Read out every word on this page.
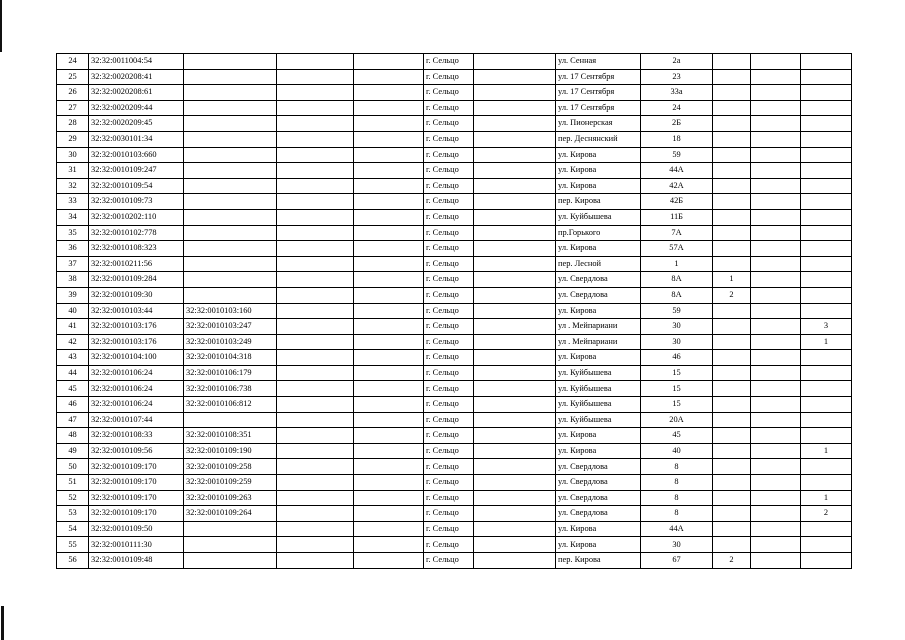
24	32:32:0011004:54				г. Сельцо		ул. Сенная	2а			
25	32:32:0020208:41				г. Сельцо		ул. 17 Сентября	23			
26	32:32:0020208:61				г. Сельцо		ул. 17 Сентября	33а			
27	32:32:0020209:44				г. Сельцо		ул. 17 Сентября	24			
28	32:32:0020209:45				г. Сельцо		ул. Пионерская	2Б			
29	32:32:0030101:34				г. Сельцо		пер. Деснянский	18			
30	32:32:0010103:660				г. Сельцо		ул. Кирова	59			
31	32:32:0010109:247				г. Сельцо		ул. Кирова	44А			
32	32:32:0010109:54				г. Сельцо		ул. Кирова	42А			
33	32:32:0010109:73				г. Сельцо		пер. Кирова	42Б			
34	32:32:0010202:110				г. Сельцо		ул. Куйбышева	11Б			
35	32:32:0010102:778				г. Сельцо		пр.Горького	7А			
36	32:32:0010108:323				г. Сельцо		ул. Кирова	57А			
37	32:32:0010211:56				г. Сельцо		пер. Лесной	1			
38	32:32:0010109:284				г. Сельцо		ул. Свердлова	8А	1		
39	32:32:0010109:30				г. Сельцо		ул. Свердлова	8А	2		
40	32:32:0010103:44	32:32:0010103:160			г. Сельцо		ул. Кирова	59			
41	32:32:0010103:176	32:32:0010103:247			г. Сельцо		ул . Мейпариани	30			3
42	32:32:0010103:176	32:32:0010103:249			г. Сельцо		ул . Мейпариани	30			1
43	32:32:0010104:100	32:32:0010104:318			г. Сельцо		ул. Кирова	46			
44	32:32:0010106:24	32:32:0010106:179			г. Сельцо		ул. Куйбышева	15			
45	32:32:0010106:24	32:32:0010106:738			г. Сельцо		ул. Куйбышева	15			
46	32:32:0010106:24	32:32:0010106:812			г. Сельцо		ул. Куйбышева	15			
47	32:32:0010107:44				г. Сельцо		ул. Куйбышева	20А			
48	32:32:0010108:33	32:32:0010108:351			г. Сельцо		ул. Кирова	45			
49	32:32:0010109:56	32:32:0010109:190			г. Сельцо		ул. Кирова	40			1
50	32:32:0010109:170	32:32:0010109:258			г. Сельцо		ул. Свердлова	8			
51	32:32:0010109:170	32:32:0010109:259			г. Сельцо		ул. Свердлова	8			
52	32:32:0010109:170	32:32:0010109:263			г. Сельцо		ул. Свердлова	8			1
53	32:32:0010109:170	32:32:0010109:264			г. Сельцо		ул. Свердлова	8			2
54	32:32:0010109:50				г. Сельцо		ул. Кирова	44А			
55	32:32:0010111:30				г. Сельцо		ул. Кирова	30			
56	32:32:0010109:48				г. Сельцо		пер. Кирова	67	2		
